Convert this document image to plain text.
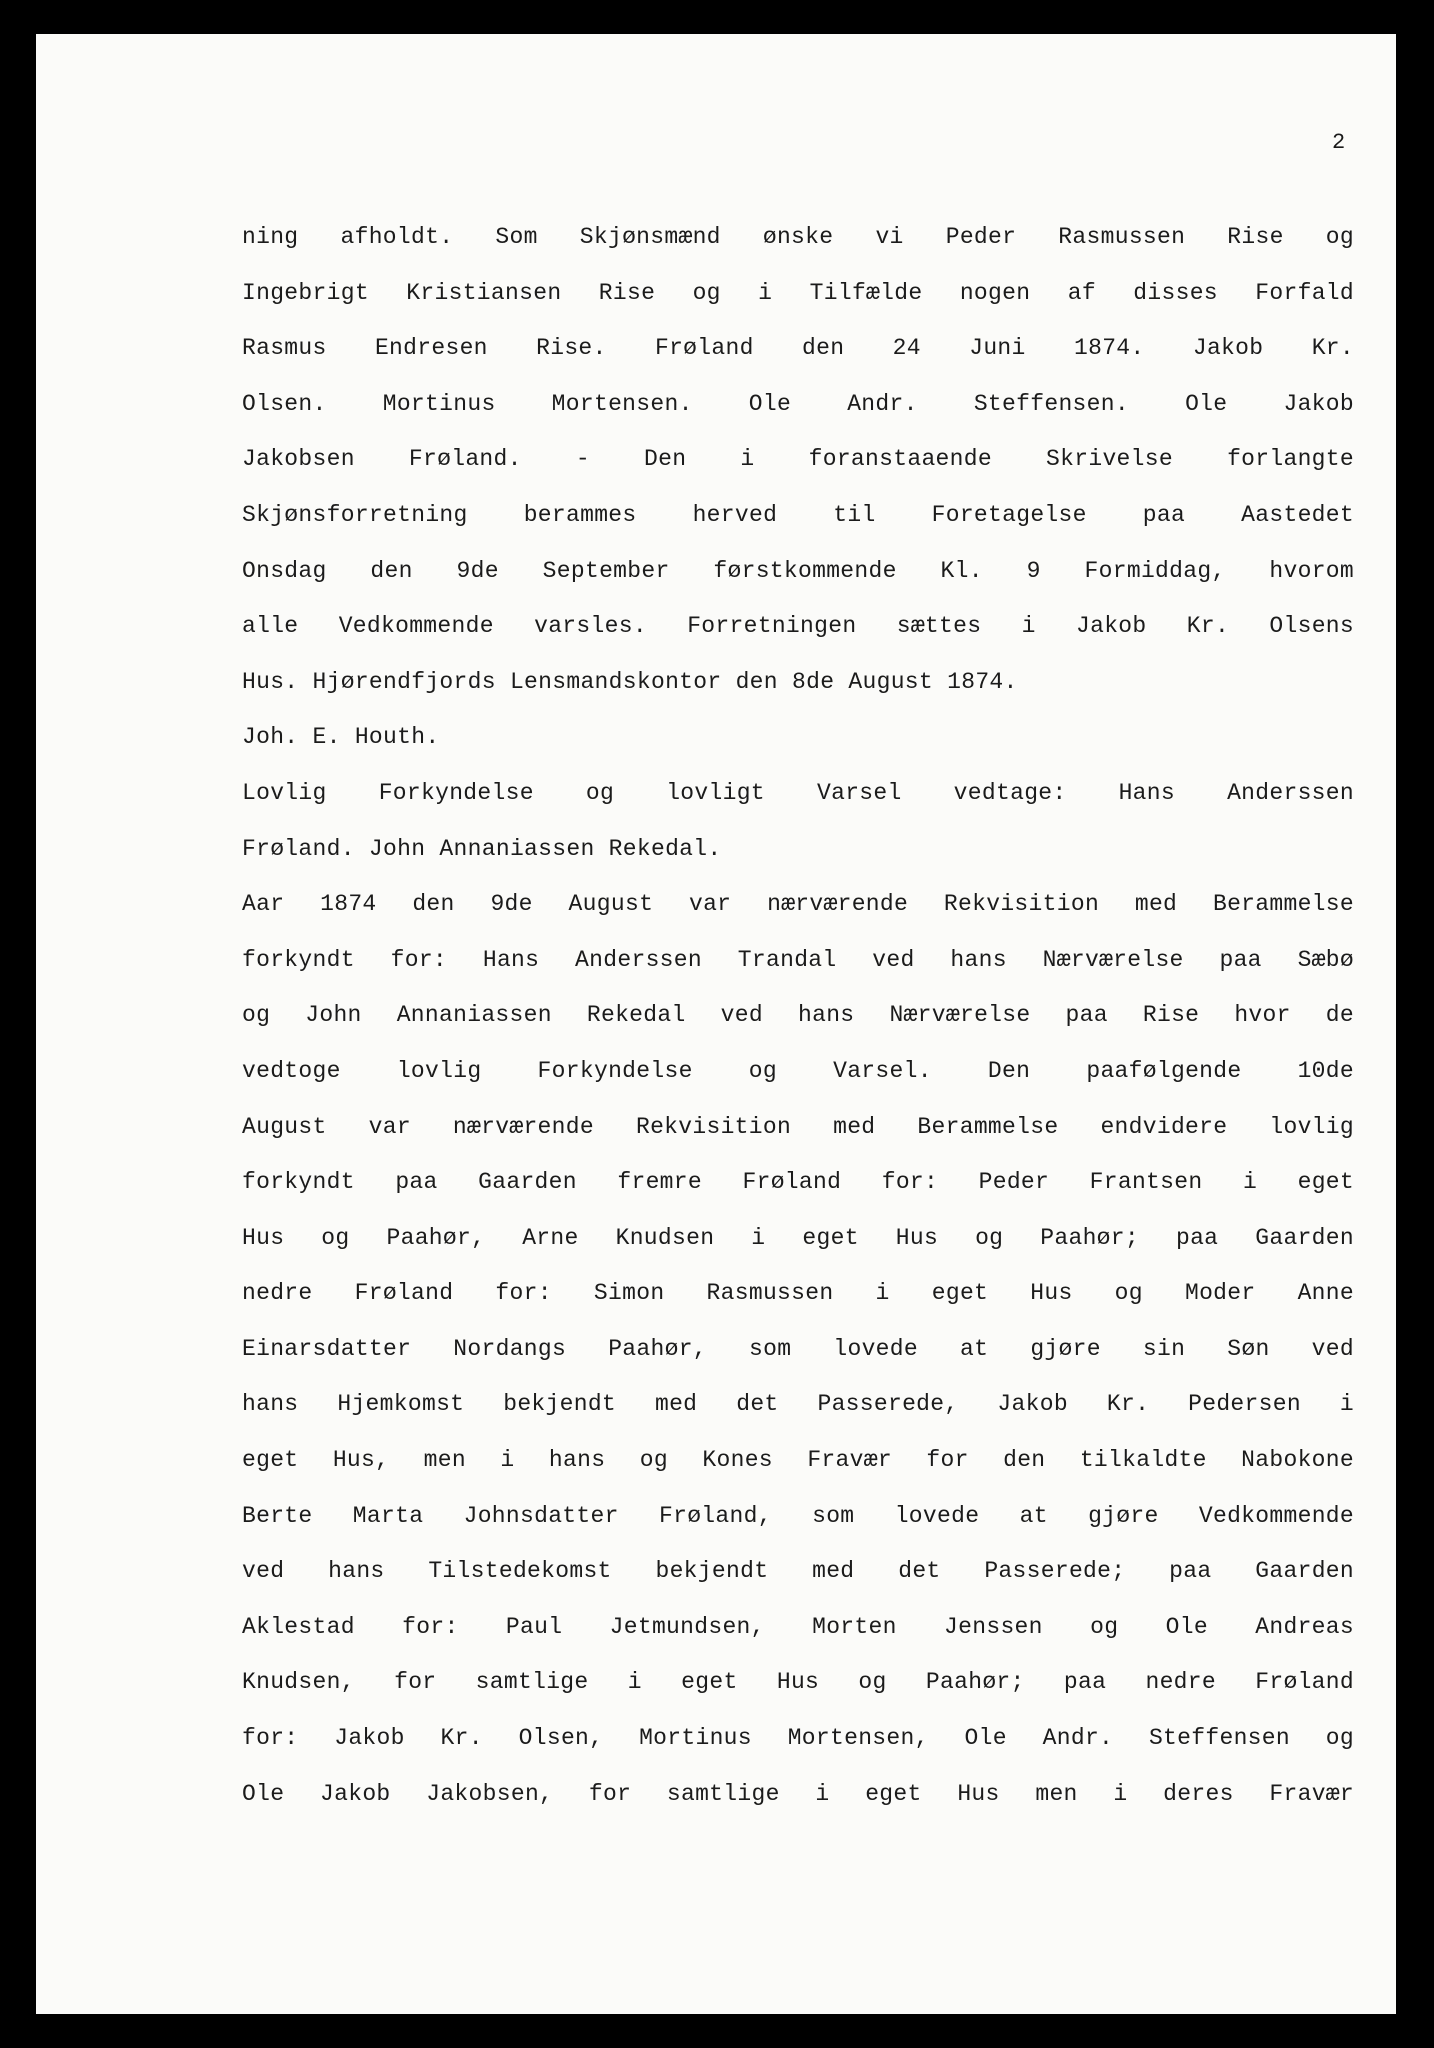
2
ning afholdt. Som Skjønsmænd ønske vi Peder Rasmussen Rise og
Ingebrigt Kristiansen Rise og i Tilfælde nogen af disses Forfald
Rasmus Endresen Rise. Frøland den 24 Juni 1874. Jakob Kr.
Olsen. Mortinus Mortensen. Ole Andr. Steffensen. Ole Jakob
Jakobsen Frøland. - Den i foranstaaende Skrivelse forlangte
Skjønsforretning berammes herved til Foretagelse paa Aastedet
Onsdag den 9de September førstkommende Kl. 9 Formiddag, hvorom
alle Vedkommende varsles. Forretningen sættes i Jakob Kr. Olsens
Hus. Hjørendfjords Lensmandskontor den 8de August 1874.
Joh. E. Houth.
Lovlig Forkyndelse og lovligt Varsel vedtage: Hans Anderssen
Frøland. John Annaniassen Rekedal.
Aar 1874 den 9de August var nærværende Rekvisition med Berammelse
forkyndt for: Hans Anderssen Trandal ved hans Nærværelse paa Sæbø
og John Annaniassen Rekedal ved hans Nærværelse paa Rise hvor de
vedtoge lovlig Forkyndelse og Varsel. Den paafølgende 10de
August var nærværende Rekvisition med Berammelse endvidere lovlig
forkyndt paa Gaarden fremre Frøland for: Peder Frantsen i eget
Hus og Paahør, Arne Knudsen i eget Hus og Paahør; paa Gaarden
nedre Frøland for: Simon Rasmussen i eget Hus og Moder Anne
Einarsdatter Nordangs Paahør, som lovede at gjøre sin Søn ved
hans Hjemkomst bekjendt med det Passerede, Jakob Kr. Pedersen i
eget Hus, men i hans og Kones Fravær for den tilkaldte Nabokone
Berte Marta Johnsdatter Frøland, som lovede at gjøre Vedkommende
ved hans Tilstedekomst bekjendt med det Passerede; paa Gaarden
Aklestad for: Paul Jetmundsen, Morten Jenssen og Ole Andreas
Knudsen, for samtlige i eget Hus og Paahør; paa nedre Frøland
for: Jakob Kr. Olsen, Mortinus Mortensen, Ole Andr. Steffensen og
Ole Jakob Jakobsen, for samtlige i eget Hus men i deres Fravær
